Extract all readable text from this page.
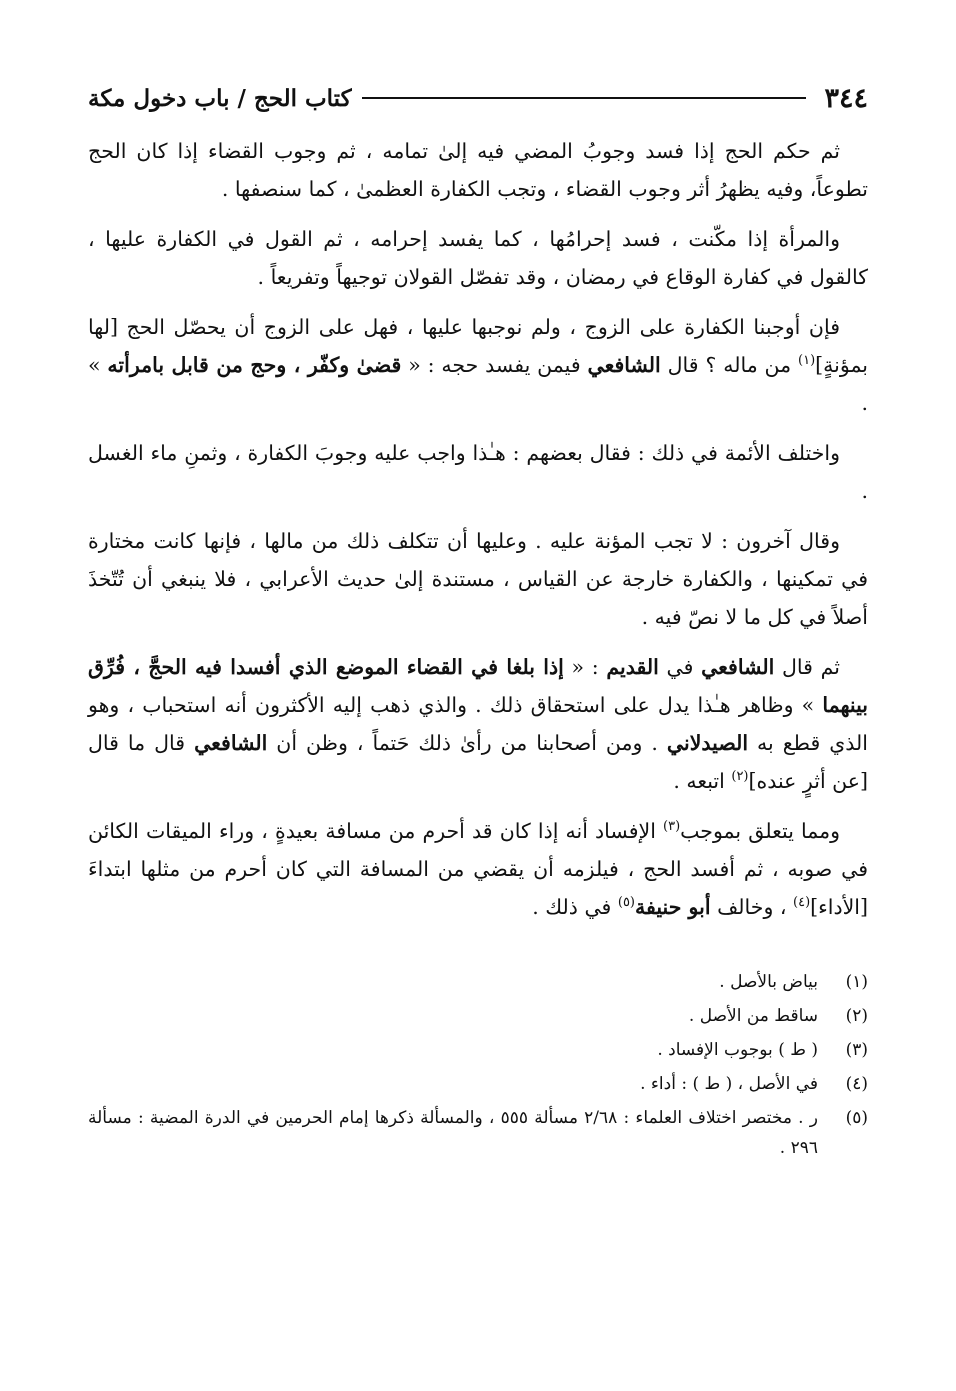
٣٤٤
كتاب الحج / باب دخول مكة

ثم حكم الحج إذا فسد وجوبُ المضي فيه إلىٰ تمامه ، ثم وجوب القضاء إذا كان الحج تطوعاً، وفيه يظهرُ أثر وجوب القضاء ، وتجب الكفارة العظمىٰ ، كما سنصفها .

والمرأة إذا مكّنت ، فسد إحرامُها ، كما يفسد إحرامه ، ثم القول في الكفارة عليها ، كالقول في كفارة الوقاع في رمضان ، وقد تفصّل القولان توجيهاً وتفريعاً .

فإن أوجبنا الكفارة على الزوج ، ولم نوجبها عليها ، فهل على الزوج أن يحصّل الحج [لها بمؤنةٍ]$^{(١)}$ من ماله ؟ قال الشافعي فيمن يفسد حجه : « قضىٰ وكفّر ، وحج من قابل بامرأته » .

واختلف الأئمة في ذلك : فقال بعضهم : هـٰذا واجب عليه وجوبَ الكفارة ، وثمنِ ماء الغسل .

وقال آخرون : لا تجب المؤنة عليه . وعليها أن تتكلف ذلك من مالها ، فإنها كانت مختارة في تمكينها ، والكفارة خارجة عن القياس ، مستندة إلىٰ حديث الأعرابي ، فلا ينبغي أن تُتّخذَ أصلاً في كل ما لا نصّ فيه .

ثم قال الشافعي في القديم : « إذا بلغا في القضاء الموضع الذي أفسدا فيه الحجَّ ، فُرِّق بينهما » وظاهر هـٰذا يدل على استحقاق ذلك . والذي ذهب إليه الأكثرون أنه استحباب ، وهو الذي قطع به الصيدلاني . ومن أصحابنا من رأىٰ ذلك حَتماً ، وظن أن الشافعي قال ما قال [عن أثرٍ عنده]$^{(٢)}$ اتبعه .

ومما يتعلق بموجب$^{(٣)}$ الإفساد أنه إذا كان قد أحرم من مسافة بعيدةٍ ، وراء الميقات الكائن في صوبه ، ثم أفسد الحج ، فيلزمه أن يقضي من المسافة التي كان أحرم من مثلها ابتداءَ [الأداء]$^{(٤)}$ ، وخالف أبو حنيفة$^{(٥)}$ في ذلك .

(١)
بياض بالأصل .
(٢)
ساقط من الأصل .
(٣)
( ط ) بوجوب الإفساد .
(٤)
في الأصل ، ( ط ) : أداء .
(٥)
ر . مختصر اختلاف العلماء : ٢/٦٨ مسألة ٥٥٥ ، والمسألة ذكرها إمام الحرمين في الدرة المضية : مسألة ٢٩٦ .
